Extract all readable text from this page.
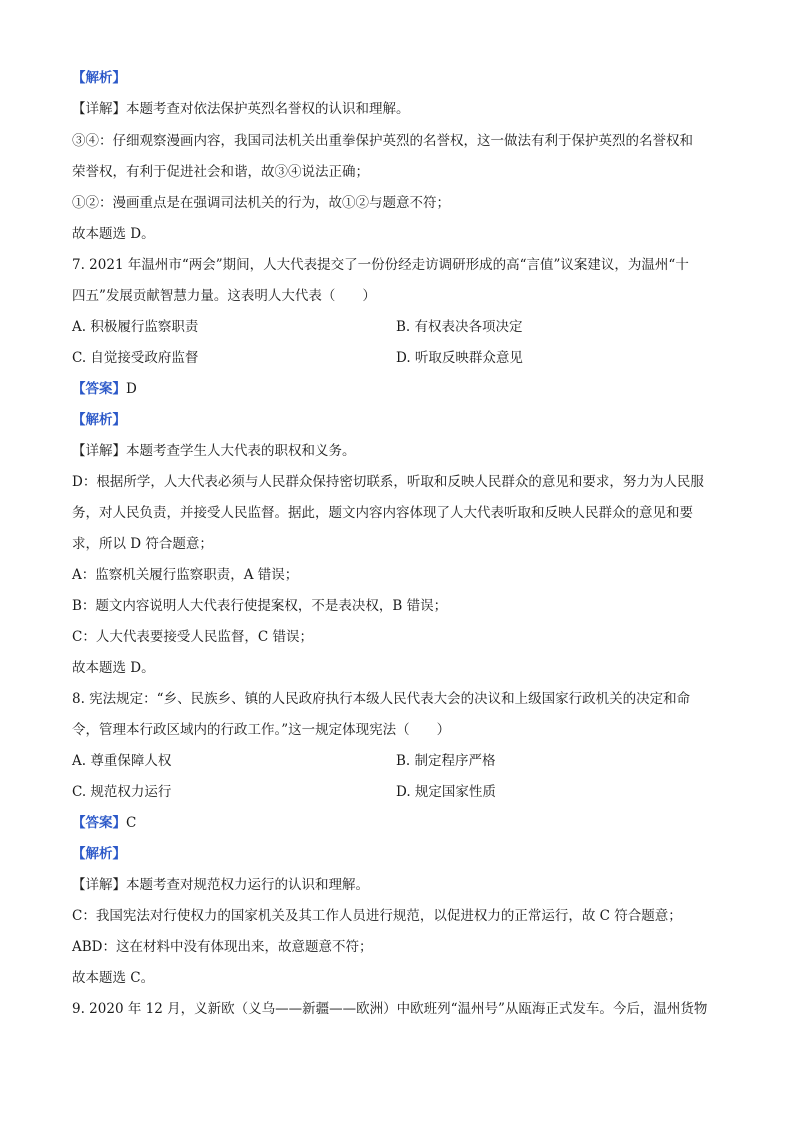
【解析】
【详解】本题考查对依法保护英烈名誉权的认识和理解。
③④：仔细观察漫画内容，我国司法机关出重拳保护英烈的名誉权，这一做法有利于保护英烈的名誉权和
荣誉权，有利于促进社会和谐，故③④说法正确；
①②：漫画重点是在强调司法机关的行为，故①②与题意不符；
故本题选 D。
7. 2021 年温州市“两会”期间，人大代表提交了一份份经走访调研形成的高“言值”议案建议，为温州“十
四五”发展贡献智慧力量。这表明人大代表（　　）
A. 积极履行监察职责	B. 有权表决各项决定
C. 自觉接受政府监督	D. 听取反映群众意见
【答案】D
【解析】
【详解】本题考查学生人大代表的职权和义务。
D：根据所学，人大代表必须与人民群众保持密切联系，听取和反映人民群众的意见和要求，努力为人民服
务，对人民负责，并接受人民监督。据此，题文内容内容体现了人大代表听取和反映人民群众的意见和要
求，所以 D 符合题意；
A：监察机关履行监察职责，A 错误；
B：题文内容说明人大代表行使提案权，不是表决权，B 错误；
C：人大代表要接受人民监督，C 错误；
故本题选 D。
8. 宪法规定：“乡、民族乡、镇的人民政府执行本级人民代表大会的决议和上级国家行政机关的决定和命
令，管理本行政区域内的行政工作。”这一规定体现宪法（　　）
A. 尊重保障人权	B. 制定程序严格
C. 规范权力运行	D. 规定国家性质
【答案】C
【解析】
【详解】本题考查对规范权力运行的认识和理解。
C：我国宪法对行使权力的国家机关及其工作人员进行规范，以促进权力的正常运行，故 C 符合题意；
ABD：这在材料中没有体现出来，故意题意不符；
故本题选 C。
9. 2020 年 12 月，义新欧（义乌——新疆——欧洲）中欧班列“温州号”从瓯海正式发车。今后，温州货物
